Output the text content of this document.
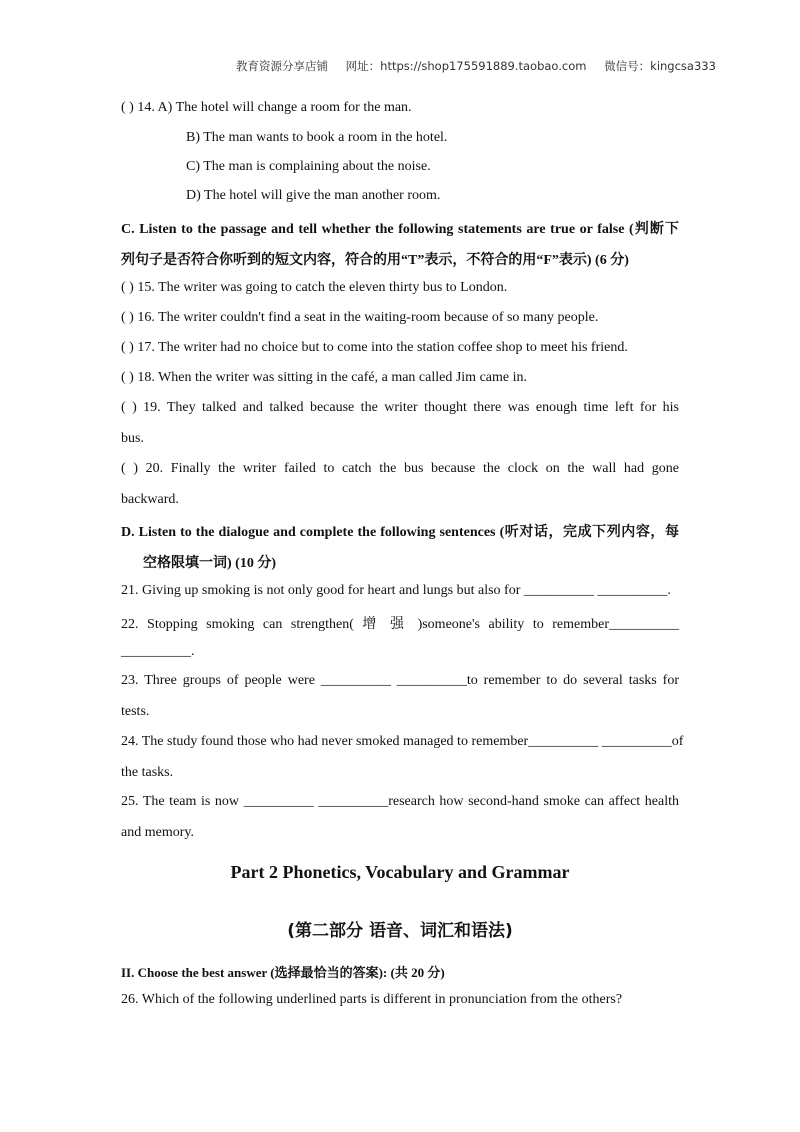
教育资源分享店铺 网址：https://shop175591889.taobao.com 微信号：kingcsa333
( ) 14. A) The hotel will change a room for the man.
B) The man wants to book a room in the hotel.
C) The man is complaining about the noise.
D) The hotel will give the man another room.
C. Listen to the passage and tell whether the following statements are true or false (判断下
列句子是否符合你听到的短文内容，符合的用“T”表示，不符合的用“F”表示) (6 分)
( ) 15. The writer was going to catch the eleven thirty bus to London.
( ) 16. The writer couldn't find a seat in the waiting-room because of so many people.
( ) 17. The writer had no choice but to come into the station coffee shop to meet his friend.
( ) 18. When the writer was sitting in the café, a man called Jim came in.
( ) 19. They talked and talked because the writer thought there was enough time left for his
bus.
( ) 20. Finally the writer failed to catch the bus because the clock on the wall had gone
backward.
D. Listen to the dialogue and complete the following sentences (听对话，完成下列内容，每
空格限填一词) (10 分)
21. Giving up smoking is not only good for heart and lungs but also for __________ __________.
22. Stopping smoking can strengthen( 增 强 )someone's ability to remember__________
__________.
23. Three groups of people were __________ __________to remember to do several tasks for
tests.
24. The study found those who had never smoked managed to remember__________ __________of
the tasks.
25. The team is now __________ __________research how second-hand smoke can affect health
and memory.
Part 2 Phonetics, Vocabulary and Grammar
(第二部分 语音、词汇和语法)
II. Choose the best answer (选择最恰当的答案): (共 20 分)
26. Which of the following underlined parts is different in pronunciation from the others?
